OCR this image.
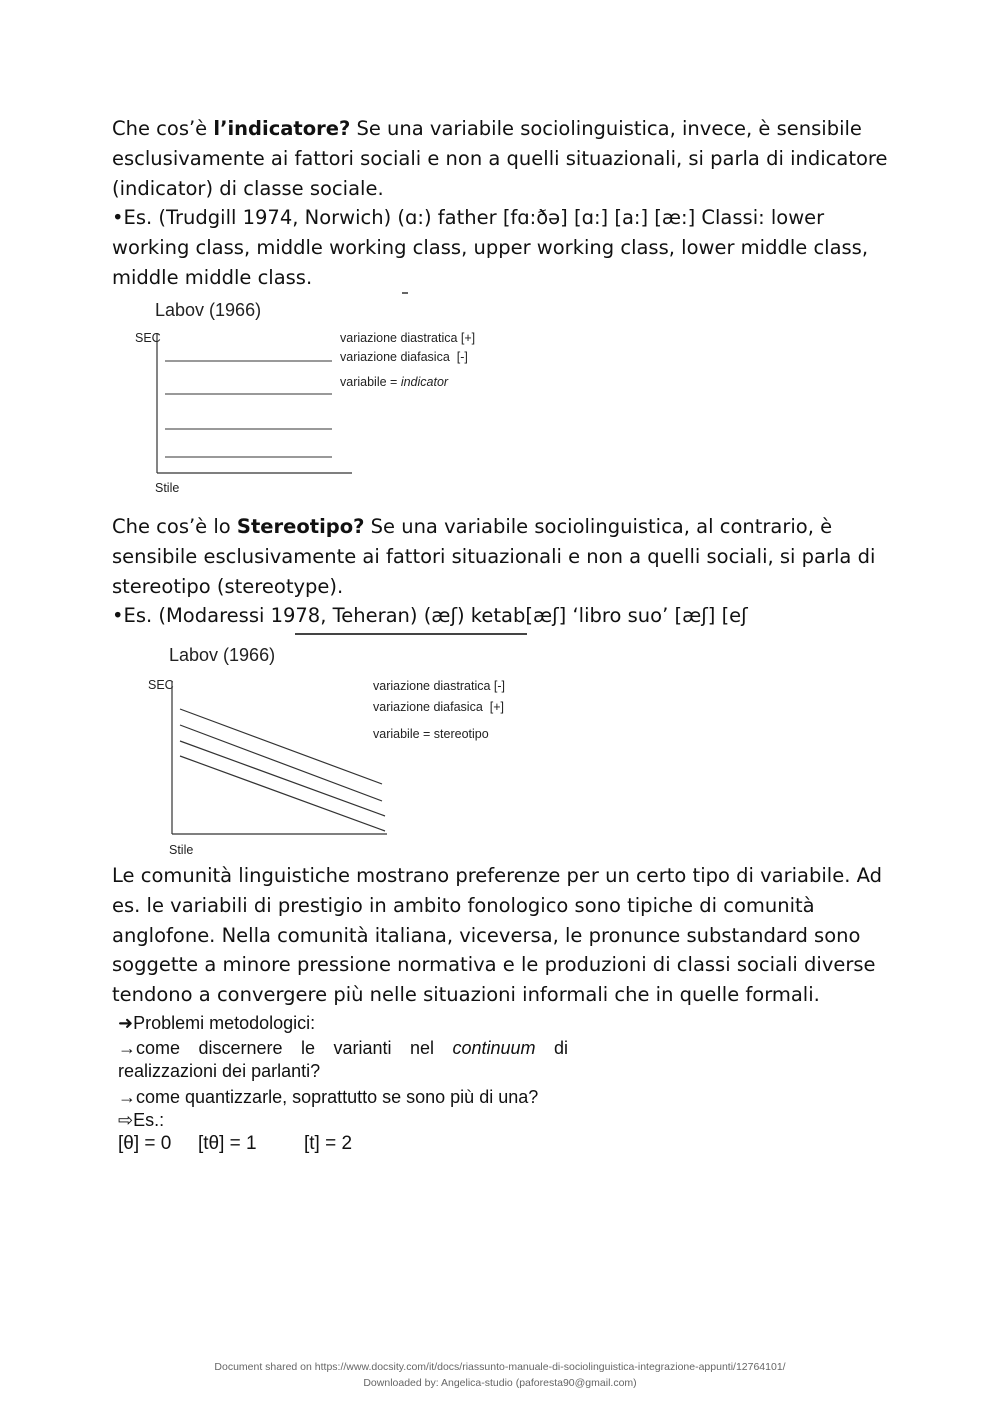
Che cos’è l’indicatore? Se una variabile sociolinguistica, invece, è sensibile esclusivamente ai fattori sociali e non a quelli situazionali, si parla di indicatore (indicator) di classe sociale.

•Es. (Trudgill 1974, Norwich) (ɑ:) father [fɑ:ðə] [ɑ:] [a:] [æ:] Classi: lower working class, middle working class, upper working class, lower middle class, middle middle class.

Labov (1966)
SEC
Stile
variazione diastratica [+]
variazione diafasica  [-]
variabile = indicator

Che cos’è lo Stereotipo? Se una variabile sociolinguistica, al contrario, è sensibile esclusivamente ai fattori situazionali e non a quelli sociali, si parla di stereotipo (stereotype).

•Es. (Modaressi 1978, Teheran) (æʃ) ketab[æʃ] ‘libro suo’ [æʃ] [eʃ

Labov (1966)
SEC
Stile
variazione diastratica [-]
variazione diafasica  [+]
variabile = stereotipo

Le comunità linguistiche mostrano preferenze per un certo tipo di variabile. Ad es. le variabili di prestigio in ambito fonologico sono tipiche di comunità anglofone. Nella comunità italiana, viceversa, le pronunce substandard sono soggette a minore pressione normativa e le produzioni di classi sociali diverse tendono a convergere più nelle situazioni informali che in quelle formali.

➜Problemi metodologici:

→come discernere le varianti nel continuum di

realizzazioni dei parlanti?

→come quantizzarle, soprattutto se sono più di una?

⇨Es.:

[θ] = 0 [tθ] = 1 [t] = 2

Document shared on https://www.docsity.com/it/docs/riassunto-manuale-di-sociolinguistica-integrazione-appunti/12764101/
Downloaded by: Angelica-studio (paforesta90@gmail.com)
